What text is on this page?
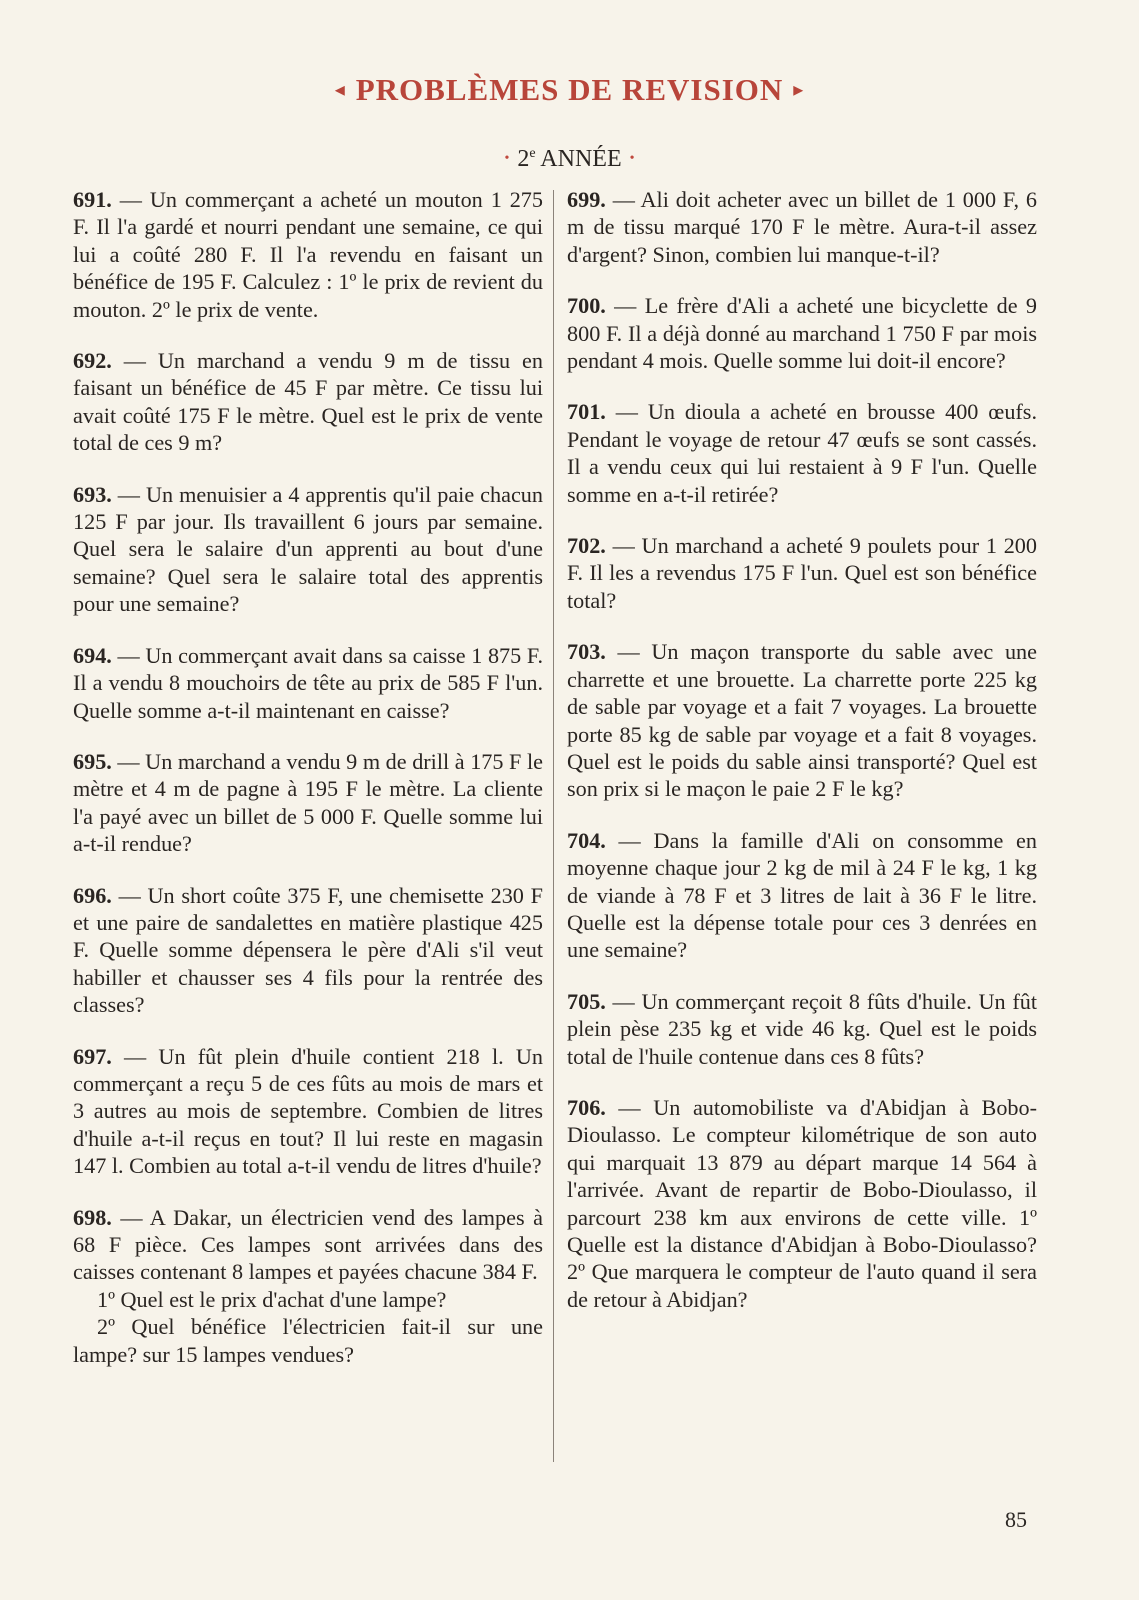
◂ PROBLÈMES DE REVISION ▸
• 2e ANNÉE •

691. — Un commerçant a acheté un mouton 1 275 F. Il l'a gardé et nourri pendant une semaine, ce qui lui a coûté 280 F. Il l'a revendu en faisant un bénéfice de 195 F. Calculez : 1º le prix de revient du mouton. 2º le prix de vente.

692. — Un marchand a vendu 9 m de tissu en faisant un bénéfice de 45 F par mètre. Ce tissu lui avait coûté 175 F le mètre. Quel est le prix de vente total de ces 9 m?

693. — Un menuisier a 4 apprentis qu'il paie chacun 125 F par jour. Ils travaillent 6 jours par semaine. Quel sera le salaire d'un apprenti au bout d'une semaine? Quel sera le salaire total des apprentis pour une semaine?

694. — Un commerçant avait dans sa caisse 1 875 F. Il a vendu 8 mouchoirs de tête au prix de 585 F l'un. Quelle somme a-t-il maintenant en caisse?

695. — Un marchand a vendu 9 m de drill à 175 F le mètre et 4 m de pagne à 195 F le mètre. La cliente l'a payé avec un billet de 5 000 F. Quelle somme lui a-t-il rendue?

696. — Un short coûte 375 F, une chemisette 230 F et une paire de sandalettes en matière plastique 425 F. Quelle somme dépensera le père d'Ali s'il veut habiller et chausser ses 4 fils pour la rentrée des classes?

697. — Un fût plein d'huile contient 218 l. Un commerçant a reçu 5 de ces fûts au mois de mars et 3 autres au mois de septembre. Combien de litres d'huile a-t-il reçus en tout? Il lui reste en magasin 147 l. Combien au total a-t-il vendu de litres d'huile?

698. — A Dakar, un électricien vend des lampes à 68 F pièce. Ces lampes sont arrivées dans des caisses contenant 8 lampes et payées chacune 384 F.
1º Quel est le prix d'achat d'une lampe?
2º Quel bénéfice l'électricien fait-il sur une lampe? sur 15 lampes vendues?

699. — Ali doit acheter avec un billet de 1 000 F, 6 m de tissu marqué 170 F le mètre. Aura-t-il assez d'argent? Sinon, combien lui manque-t-il?

700. — Le frère d'Ali a acheté une bicyclette de 9 800 F. Il a déjà donné au marchand 1 750 F par mois pendant 4 mois. Quelle somme lui doit-il encore?

701. — Un dioula a acheté en brousse 400 œufs. Pendant le voyage de retour 47 œufs se sont cassés. Il a vendu ceux qui lui restaient à 9 F l'un. Quelle somme en a-t-il retirée?

702. — Un marchand a acheté 9 poulets pour 1 200 F. Il les a revendus 175 F l'un. Quel est son bénéfice total?

703. — Un maçon transporte du sable avec une charrette et une brouette. La charrette porte 225 kg de sable par voyage et a fait 7 voyages. La brouette porte 85 kg de sable par voyage et a fait 8 voyages. Quel est le poids du sable ainsi transporté? Quel est son prix si le maçon le paie 2 F le kg?

704. — Dans la famille d'Ali on consomme en moyenne chaque jour 2 kg de mil à 24 F le kg, 1 kg de viande à 78 F et 3 litres de lait à 36 F le litre. Quelle est la dépense totale pour ces 3 denrées en une semaine?

705. — Un commerçant reçoit 8 fûts d'huile. Un fût plein pèse 235 kg et vide 46 kg. Quel est le poids total de l'huile contenue dans ces 8 fûts?

706. — Un automobiliste va d'Abidjan à Bobo-Dioulasso. Le compteur kilométrique de son auto qui marquait 13 879 au départ marque 14 564 à l'arrivée. Avant de repartir de Bobo-Dioulasso, il parcourt 238 km aux environs de cette ville. 1º Quelle est la distance d'Abidjan à Bobo-Dioulasso? 2º Que marquera le compteur de l'auto quand il sera de retour à Abidjan?

85
